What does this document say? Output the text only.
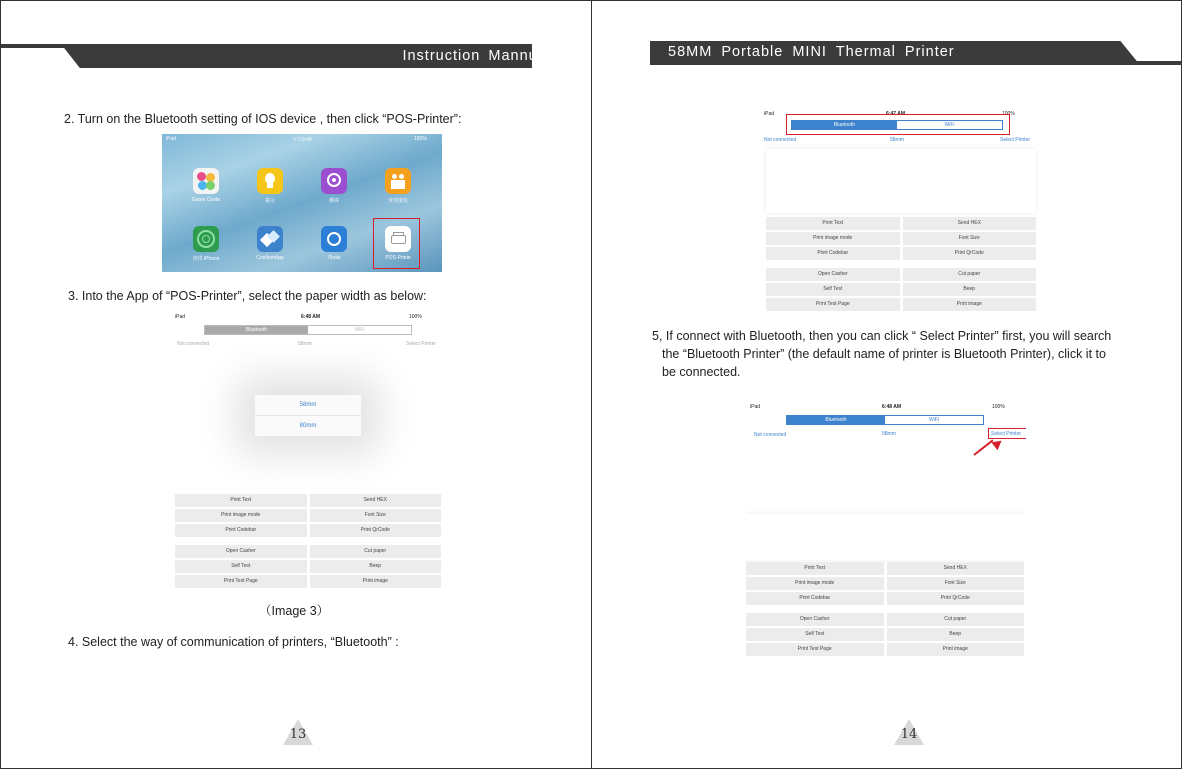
Instruction Mannual
2. Turn on the Bluetooth setting of IOS device , then click “POS-Printer”:
iPad	下午9:46	100%
Game Cente	提示	播客	查找朋友
查找 iPhone	ConfiumApp	iTools	POS-Printe
3. Into the App of “POS-Printer”, select the paper width as below:
iPad	6:48 AM	100%
Bluetooth	WiFi
Not connected	58mm	Select Printer
58mm
80mm
Print Text	Send HEX
Print image mode	Font Size
Print Codebar	Print QrCode
Open Casher	Cut paper
Self Test	Beep
Print Test Page	Print image
（Image 3）
4. Select the way of communication of printers, “Bluetooth” :
13
58MM Portable MINI Thermal Printer
iPad	6:47 AM	100%
Bluetooth	WiFi
Not connected	58mm	Select Printer
Print Text	Send HEX
Print image mode	Font Size
Print Codebar	Print QrCode
Open Casher	Cut paper
Self Test	Beep
Print Test Page	Print image
5, If connect with Bluetooth, then you can click “ Select Printer” first, you will search
the “Bluetooth Printer” (the default name of printer is Bluetooth Printer), click it to
be connected.
iPad	6:48 AM	100%
Bluetooth	WiFi
Not connected	58mm	Select Printer
Print Text	Send HEX
Print image mode	Font Size
Print Codebar	Print QrCode
Open Casher	Cut paper
Self Test	Beep
Print Test Page	Print image
14
